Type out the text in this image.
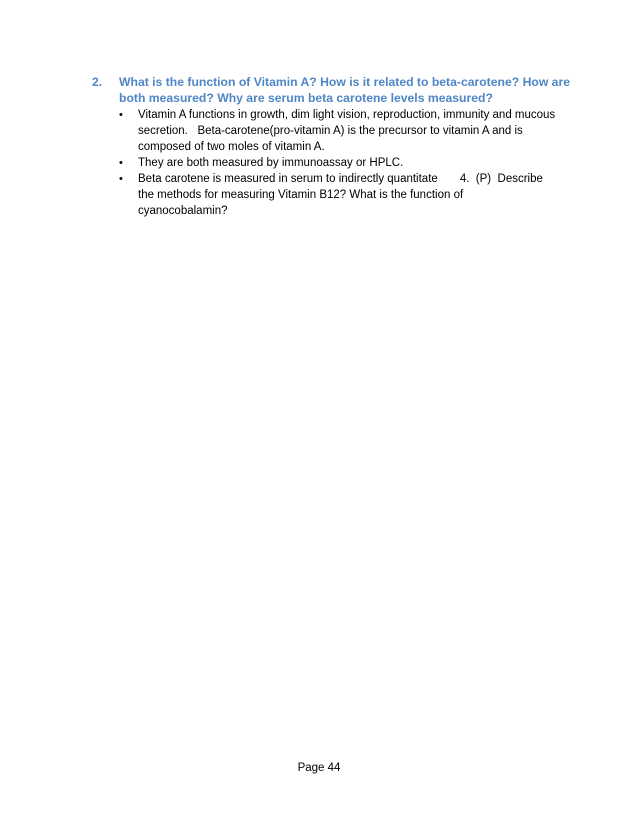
2. What is the function of Vitamin A? How is it related to beta-carotene? How are
both measured? Why are serum beta carotene levels measured?
• Vitamin A functions in growth, dim light vision, reproduction, immunity and mucous
secretion.   Beta-carotene(pro-vitamin A) is the precursor to vitamin A and is
composed of two moles of vitamin A.
• They are both measured by immunoassay or HPLC.
• Beta carotene is measured in serum to indirectly quantitate 4.  (P)  Describe
the methods for measuring Vitamin B12? What is the function of
cyanocobalamin?
Page 44
